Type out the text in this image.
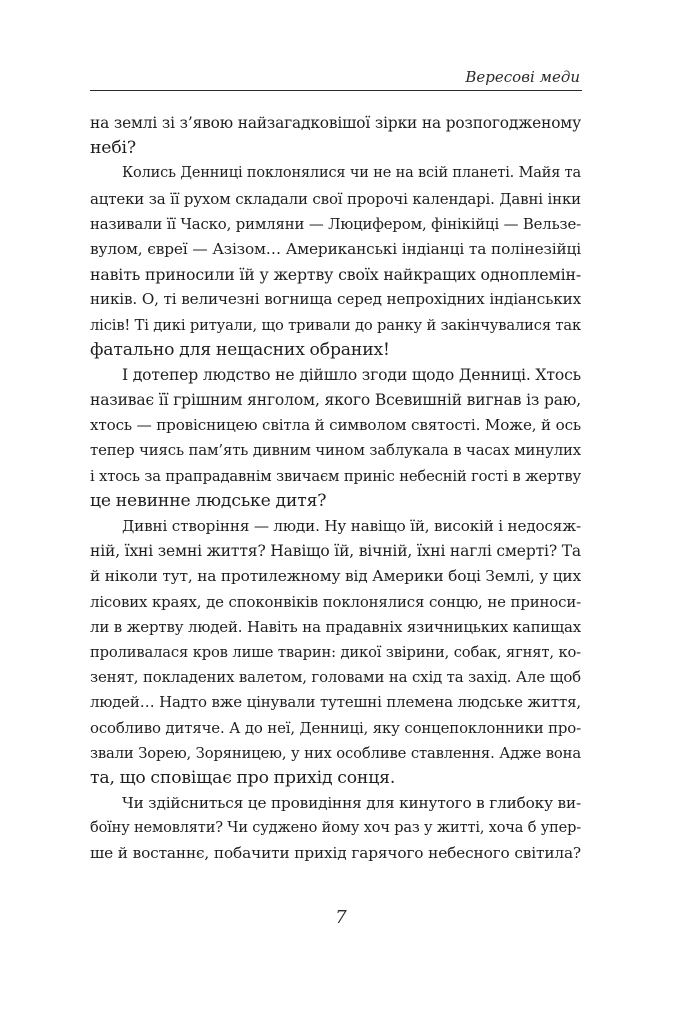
Вересові меди
на землі зі з’явою найзагадковішої зірки на розпогодженому
небі?
Колись Денниці поклонялися чи не на всій планеті. Майя та
ацтеки за її рухом складали свої пророчі календарі. Давні інки
називали її Часко, римляни — Люцифером, фінікійці — Вельзе-
вулом, євреї — Азізом… Американські індіанці та полінезійці
навіть приносили їй у жертву своїх найкращих одноплемін-
ників. О, ті величезні вогнища серед непрохідних індіанських
лісів! Ті дикі ритуали, що тривали до ранку й закінчувалися так
фатально для нещасних обраних!
І дотепер людство не дійшло згоди щодо Денниці. Хтось
називає її грішним янголом, якого Всевишній вигнав із раю,
хтось — провісницею світла й символом святості. Може, й ось
тепер чиясь пам’ять дивним чином заблукала в часах минулих
і хтось за прапрадавнім звичаєм приніс небесній гості в жертву
це невинне людське дитя?
Дивні створіння — люди. Ну навіщо їй, високій і недосяж-
ній, їхні земні життя? Навіщо їй, вічній, їхні наглі смерті? Та
й ніколи тут, на протилежному від Америки боці Землі, у цих
лісових краях, де споконвіків поклонялися сонцю, не приноси-
ли в жертву людей. Навіть на прадавніх язичницьких капищах
проливалася кров лише тварин: дикої звірини, собак, ягнят, ко-
зенят, покладених валетом, головами на схід та захід. Але щоб
людей… Надто вже цінували тутешні племена людське життя,
особливо дитяче. А до неї, Денниці, яку сонцепоклонники про-
звали Зорею, Зоряницею, у них особливе ставлення. Адже вона
та, що сповіщає про прихід сонця.
Чи здійсниться це провидіння для кинутого в глибоку ви-
боїну немовляти? Чи суджено йому хоч раз у житті, хоча б упер-
ше й востаннє, побачити прихід гарячого небесного світила?
7
